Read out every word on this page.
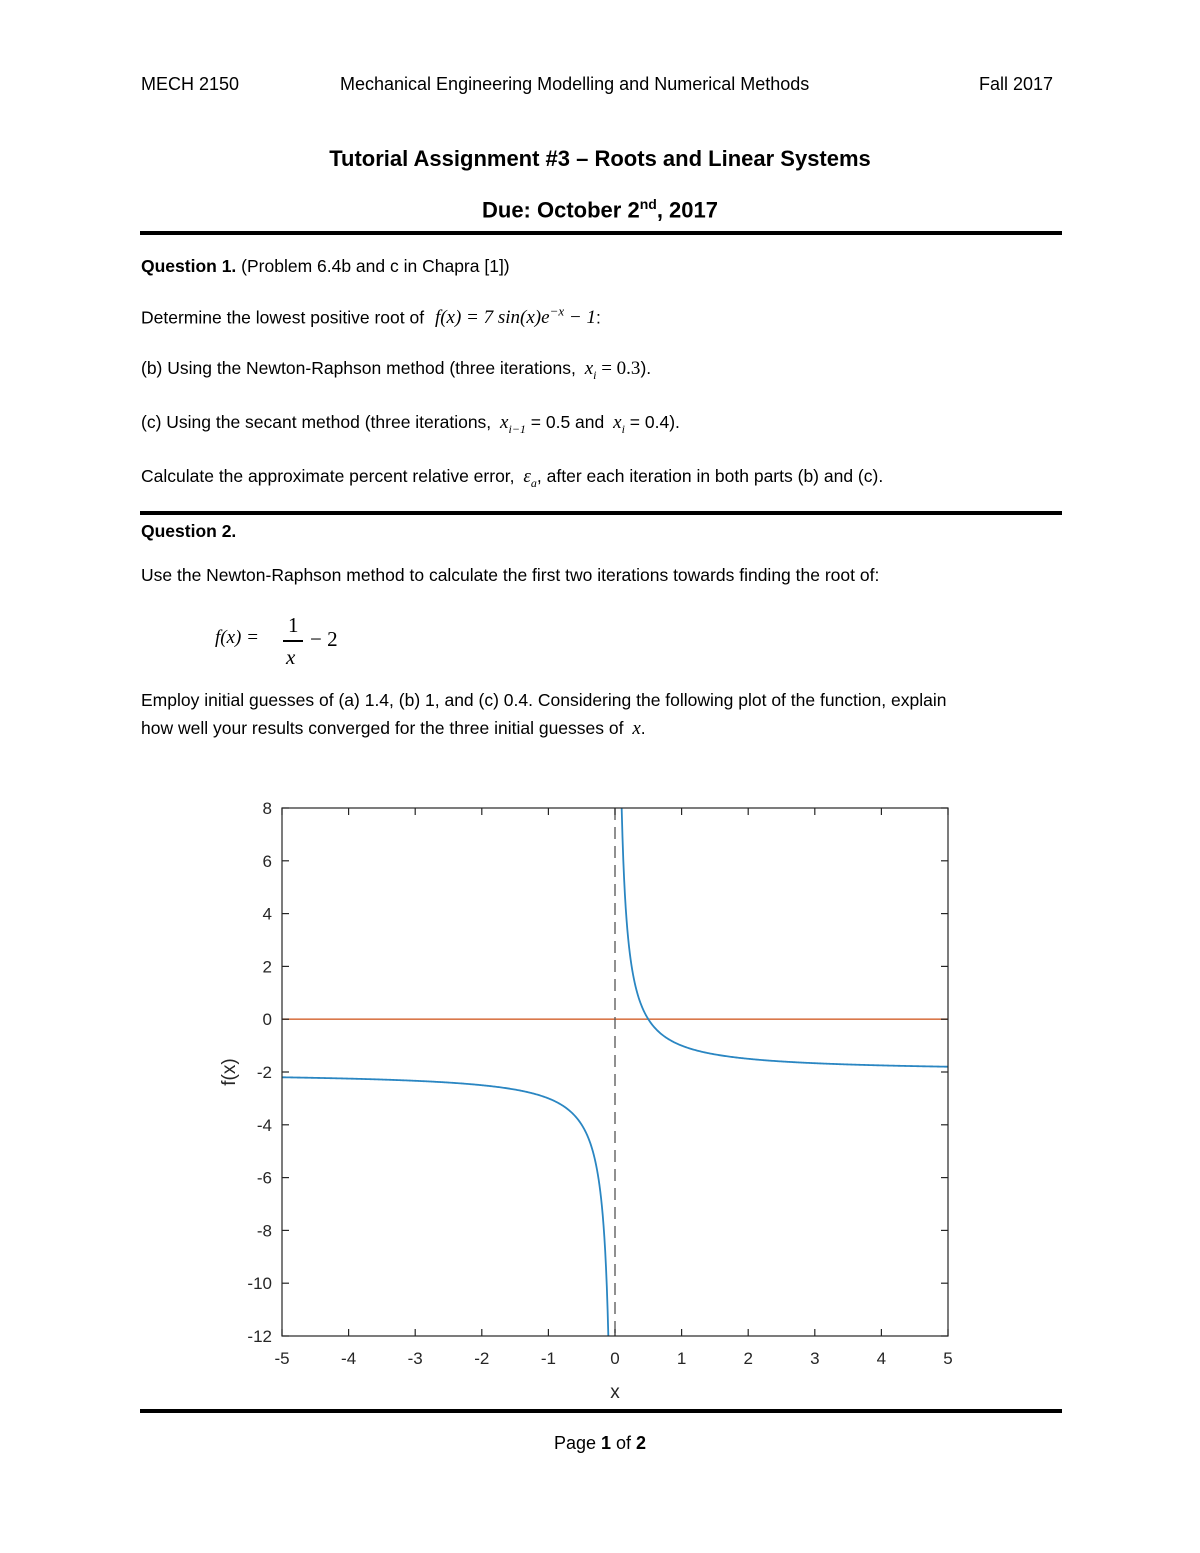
MECH 2150	Mechanical Engineering Modelling and Numerical Methods	Fall 2017
Tutorial Assignment #3 – Roots and Linear Systems
Due: October 2nd, 2017
Question 1. (Problem 6.4b and c in Chapra [1])
Determine the lowest positive root of f(x) = 7 $\sin(x)e^{-x} - 1$:
(b) Using the Newton-Raphson method (three iterations, $x_i = 0.3$).
(c) Using the secant method (three iterations, $x_{i-1} = 0.5$ and $x_i = 0.4$).
Calculate the approximate percent relative error, $\varepsilon_a$, after each iteration in both parts (b) and (c).
Question 2.
Use the Newton-Raphson method to calculate the first two iterations towards finding the root of:
f(x) =
1
x
− 2
Employ initial guesses of (a) 1.4, (b) 1, and (c) 0.4. Considering the following plot of the function, explain
how well your results converged for the three initial guesses of x.
-5	-4	-3	-2	-1	0	1	2	3	4	5
-12
-10
-8
-6
-4
-2
0
2
4
6
8
x
f(x)
Page 1 of 2
